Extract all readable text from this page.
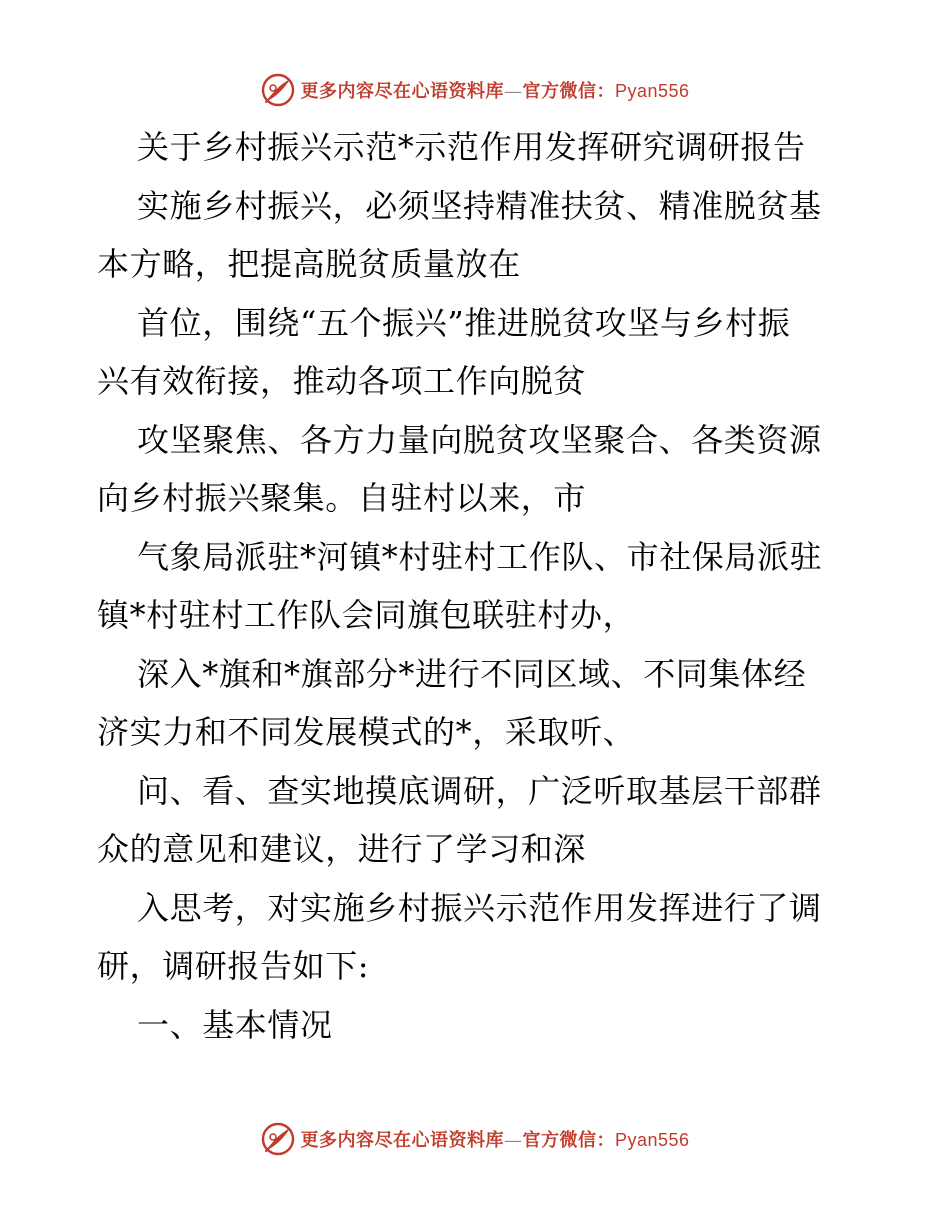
更多内容尽在心语资料库—官方微信：Pyan556
关于乡村振兴示范*示范作用发挥研究调研报告
实施乡村振兴，必须坚持精准扶贫、精准脱贫基
本方略，把提高脱贫质量放在
首位，围绕“五个振兴”推进脱贫攻坚与乡村振
兴有效衔接，推动各项工作向脱贫
攻坚聚焦、各方力量向脱贫攻坚聚合、各类资源
向乡村振兴聚集。自驻村以来，市
气象局派驻*河镇*村驻村工作队、市社保局派驻
镇*村驻村工作队会同旗包联驻村办，
深入*旗和*旗部分*进行不同区域、不同集体经
济实力和不同发展模式的*，采取听、
问、看、查实地摸底调研，广泛听取基层干部群
众的意见和建议，进行了学习和深
入思考，对实施乡村振兴示范作用发挥进行了调
研，调研报告如下:
一、基本情况
更多内容尽在心语资料库—官方微信：Pyan556
